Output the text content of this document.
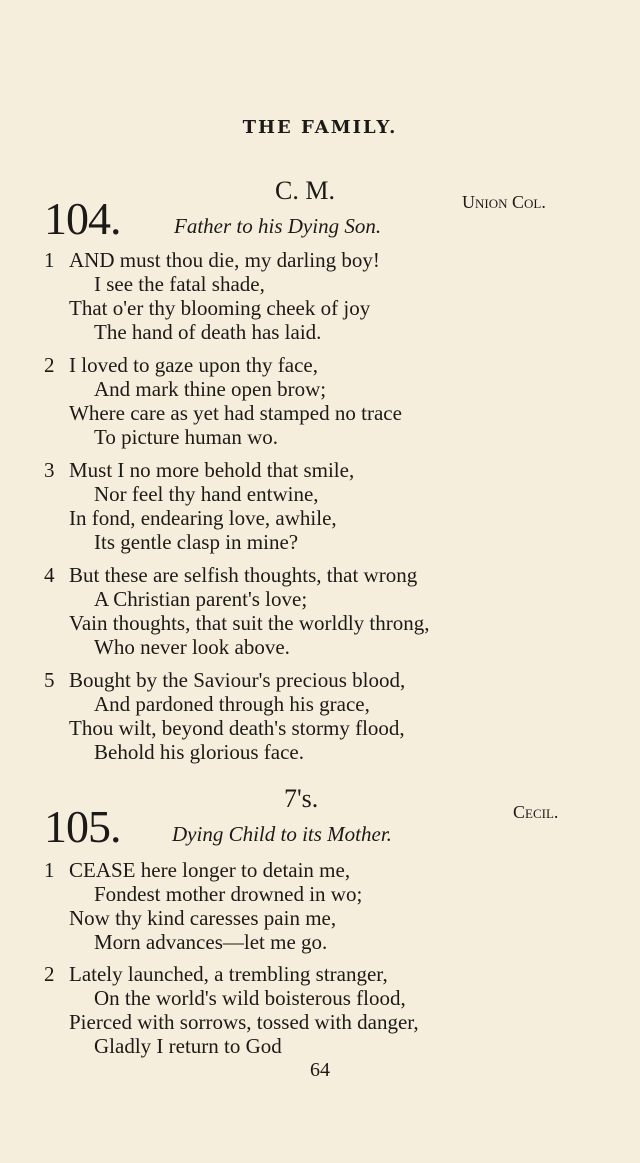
THE FAMILY.
104.
C. M.	Union Col.
Father to his Dying Son.
1 AND must thou die, my darling boy!
I see the fatal shade,
That o'er thy blooming cheek of joy
The hand of death has laid.
2 I loved to gaze upon thy face,
And mark thine open brow;
Where care as yet had stamped no trace
To picture human wo.
3 Must I no more behold that smile,
Nor feel thy hand entwine,
In fond, endearing love, awhile,
Its gentle clasp in mine?
4 But these are selfish thoughts, that wrong
A Christian parent's love;
Vain thoughts, that suit the worldly throng,
Who never look above.
5 Bought by the Saviour's precious blood,
And pardoned through his grace,
Thou wilt, beyond death's stormy flood,
Behold his glorious face.
105.
7's.	Cecil.
Dying Child to its Mother.
1 CEASE here longer to detain me,
Fondest mother drowned in wo;
Now thy kind caresses pain me,
Morn advances—let me go.
2 Lately launched, a trembling stranger,
On the world's wild boisterous flood,
Pierced with sorrows, tossed with danger,
Gladly I return to God
64
